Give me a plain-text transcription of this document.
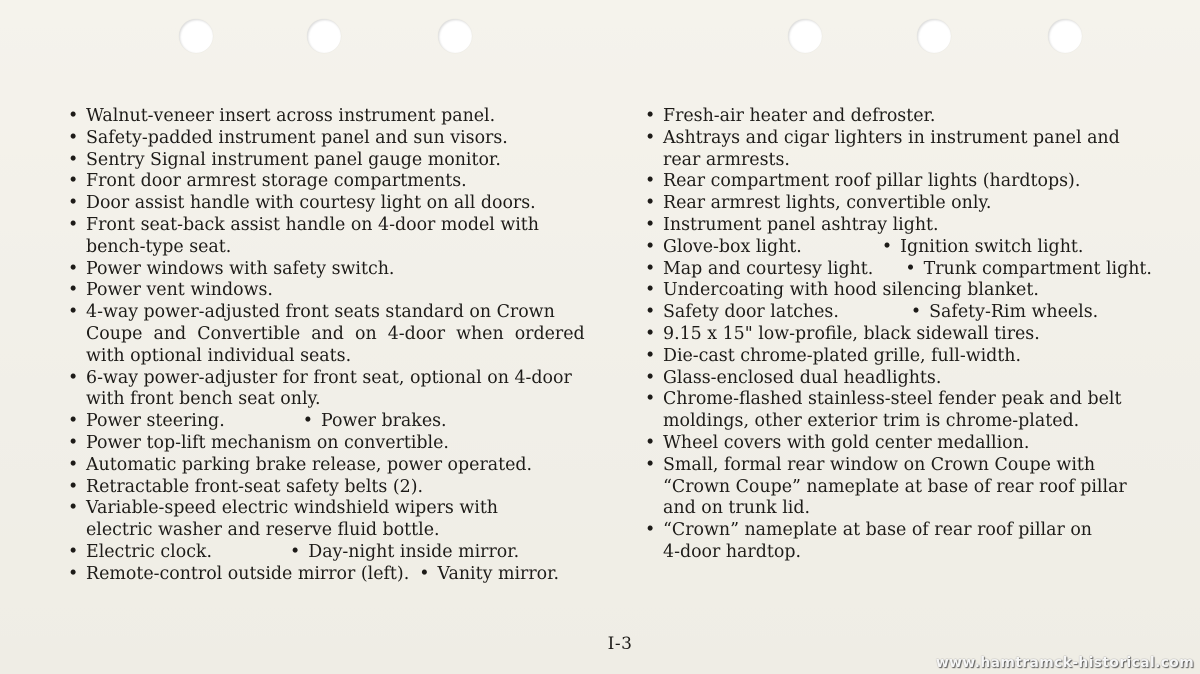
• Walnut-veneer insert across instrument panel.
• Safety-padded instrument panel and sun visors.
• Sentry Signal instrument panel gauge monitor.
• Front door armrest storage compartments.
• Door assist handle with courtesy light on all doors.
• Front seat-back assist handle on 4-door model with
bench-type seat.
• Power windows with safety switch.
• Power vent windows.
• 4-way power-adjusted front seats standard on Crown
Coupe  and  Convertible  and  on  4-door  when  ordered
with optional individual seats.
• 6-way power-adjuster for front seat, optional on 4-door
with front bench seat only.
• Power steering.	• Power brakes.
• Power top-lift mechanism on convertible.
• Automatic parking brake release, power operated.
• Retractable front-seat safety belts (2).
• Variable-speed electric windshield wipers with
electric washer and reserve fluid bottle.
• Electric clock.	• Day-night inside mirror.
• Remote-control outside mirror (left). • Vanity mirror.
• Fresh-air heater and defroster.
• Ashtrays and cigar lighters in instrument panel and
rear armrests.
• Rear compartment roof pillar lights (hardtops).
• Rear armrest lights, convertible only.
• Instrument panel ashtray light.
• Glove-box light.	• Ignition switch light.
• Map and courtesy light. • Trunk compartment light.
• Undercoating with hood silencing blanket.
• Safety door latches.	• Safety-Rim wheels.
• 9.15 x 15" low-profile, black sidewall tires.
• Die-cast chrome-plated grille, full-width.
• Glass-enclosed dual headlights.
• Chrome-flashed stainless-steel fender peak and belt
moldings, other exterior trim is chrome-plated.
• Wheel covers with gold center medallion.
• Small, formal rear window on Crown Coupe with
“Crown Coupe” nameplate at base of rear roof pillar
and on trunk lid.
• “Crown” nameplate at base of rear roof pillar on
4-door hardtop.
I-3
www.hamtramck-historical.com
